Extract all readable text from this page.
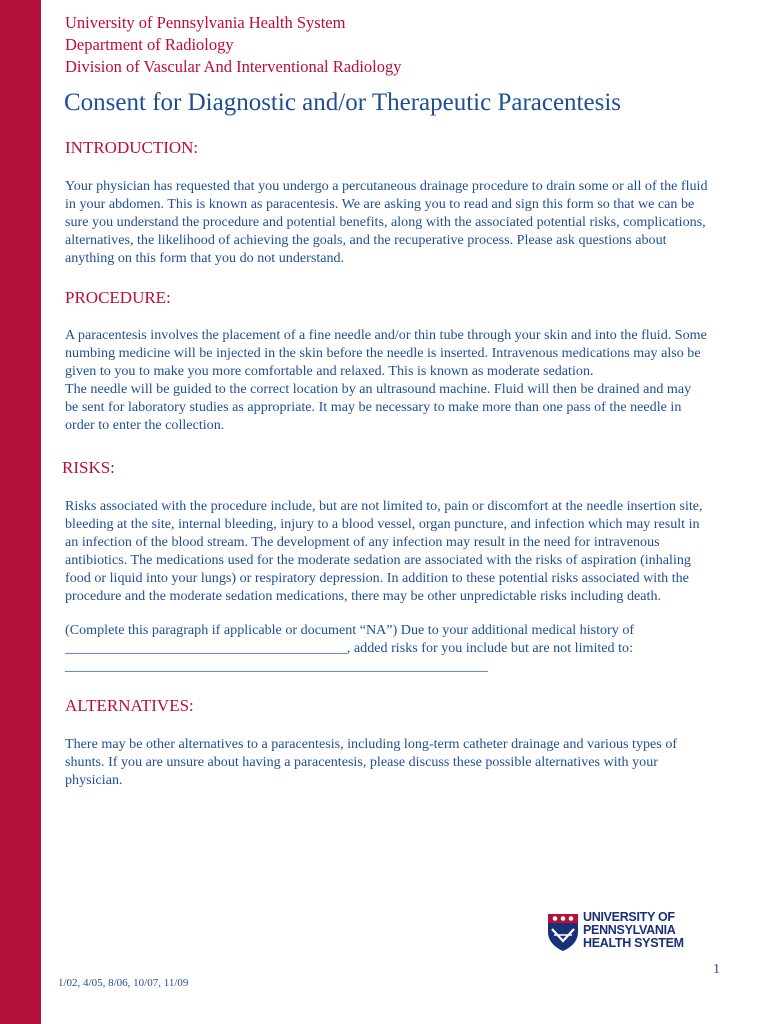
University of Pennsylvania Health System
Department of Radiology
Division of Vascular And Interventional Radiology
Consent for Diagnostic and/or Therapeutic Paracentesis
INTRODUCTION:
Your physician has requested that you undergo a percutaneous drainage procedure to drain some or all of the fluid
in your abdomen. This is known as paracentesis. We are asking you to read and sign this form so that we can be
sure you understand the procedure and potential benefits, along with the associated potential risks, complications,
alternatives, the likelihood of achieving the goals, and the recuperative process. Please ask questions about
anything on this form that you do not understand.
PROCEDURE:
A paracentesis involves the placement of a fine needle and/or thin tube through your skin and into the fluid. Some
numbing medicine will be injected in the skin before the needle is inserted. Intravenous medications may also be
given to you to make you more comfortable and relaxed. This is known as moderate sedation.
The needle will be guided to the correct location by an ultrasound machine. Fluid will then be drained and may
be sent for laboratory studies as appropriate. It may be necessary to make more than one pass of the needle in
order to enter the collection.
RISKS:
Risks associated with the procedure include, but are not limited to, pain or discomfort at the needle insertion site,
bleeding at the site, internal bleeding, injury to a blood vessel, organ puncture, and infection which may result in
an infection of the blood stream. The development of any infection may result in the need for intravenous
antibiotics. The medications used for the moderate sedation are associated with the risks of aspiration (inhaling
food or liquid into your lungs) or respiratory depression. In addition to these potential risks associated with the
procedure and the moderate sedation medications, there may be other unpredictable risks including death.
(Complete this paragraph if applicable or document “NA”) Due to your additional medical history of
________________________________________, added risks for you include but are not limited to:
____________________________________________________________
ALTERNATIVES:
There may be other alternatives to a paracentesis, including long-term catheter drainage and various types of
shunts. If you are unsure about having a paracentesis, please discuss these possible alternatives with your
physician.
UNIVERSITY OF
PENNSYLVANIA
HEALTH SYSTEM
1
1/02, 4/05, 8/06, 10/07, 11/09
